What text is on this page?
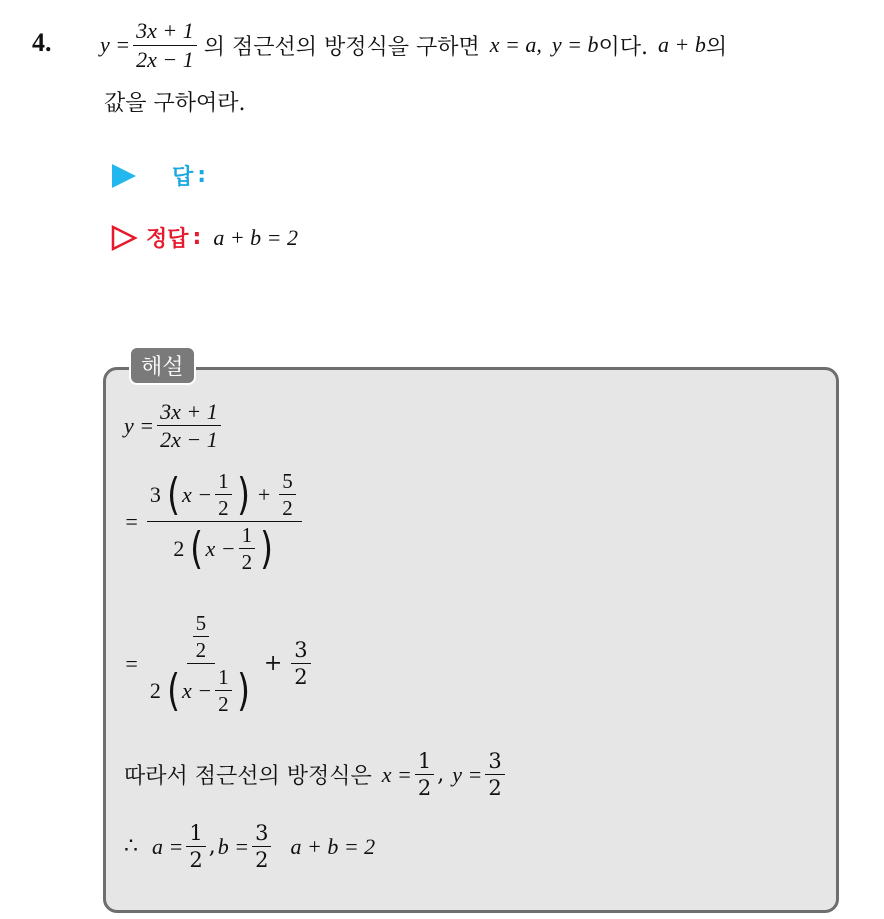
4. $y = \frac{3x + 1}{2x - 1}$ 의 점근선의 방정식을 구하면 x = a, y = b 이다. a + b 의
값을 구하여라.
답 :
정답 : a + b = 2
해설
$y = \frac{3x + 1}{2x - 1}$
=
3 ( $x - \frac{1}{2}$ ) + $\frac{5}{2}$
2 ( $x - \frac{1}{2}$ )
=
$\frac{5}{2}$
2 ( $x - \frac{1}{2}$ )
+ $\frac{3}{2}$
따라서 점근선의 방정식은 $x = \frac{1}{2}$ , $y = \frac{3}{2}$
∴ $a = \frac{1}{2}$ , $b = \frac{3}{2}$ a + b = 2
